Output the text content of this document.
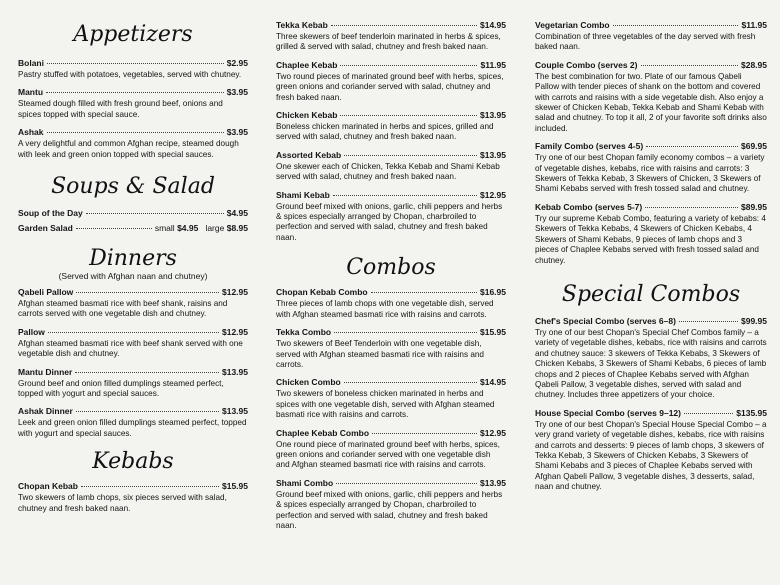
Appetizers
Bolani	$2.95
Pastry stuffed with potatoes, vegetables, served with chutney.
Mantu	$3.95
Steamed dough filled with fresh ground beef, onions and spices topped with special sauce.
Ashak	$3.95
A very delightful and common Afghan recipe, steamed dough with leek and green onion topped with special sauces.
Soups & Salad
Soup of the Day	$4.95
Garden Salad	small $4.95 large $8.95
Dinners
(Served with Afghan naan and chutney)
Qabeli Pallow	$12.95
Afghan steamed basmati rice with beef shank, raisins and carrots served with one vegetable dish and chutney.
Pallow	$12.95
Afghan steamed basmati rice with beef shank served with one vegetable dish and chutney.
Mantu Dinner	$13.95
Ground beef and onion filled dumplings steamed perfect, topped with yogurt and special sauces.
Ashak Dinner	$13.95
Leek and green onion filled dumplings steamed perfect, topped with yogurt and special sauces.
Kebabs
Chopan Kebab	$15.95
Two skewers of lamb chops, six pieces served with salad, chutney and fresh baked naan.
Tekka Kebab	$14.95
Three skewers of beef tenderloin marinated in herbs & spices, grilled & served with salad, chutney and fresh baked naan.
Chaplee Kebab	$11.95
Two round pieces of marinated ground beef with herbs, spices, green onions and coriander served with salad, chutney and fresh baked naan.
Chicken Kebab	$13.95
Boneless chicken marinated in herbs and spices, grilled and served with salad, chutney and fresh baked naan.
Assorted Kebab	$13.95
One skewer each of Chicken, Tekka Kebab and Shami Kebab served with salad, chutney and fresh baked naan.
Shami Kebab	$12.95
Ground beef mixed with onions, garlic, chili peppers and herbs & spices especially arranged by Chopan, charbroiled to perfection and served with salad, chutney and fresh baked naan.
Combos
Chopan Kebab Combo	$16.95
Three pieces of lamb chops with one vegetable dish, served with Afghan steamed basmati rice with raisins and carrots.
Tekka Combo	$15.95
Two skewers of Beef Tenderloin with one vegetable dish, served with Afghan steamed basmati rice with raisins and carrots.
Chicken Combo	$14.95
Two skewers of boneless chicken marinated in herbs and spices with one vegetable dish, served with Afghan steamed basmati rice with raisins and carrots.
Chaplee Kebab Combo	$12.95
One round piece of marinated ground beef with herbs, spices, green onions and coriander served with one vegetable dish and Afghan steamed basmati rice with raisins and carrots.
Shami Combo	$13.95
Ground beef mixed with onions, garlic, chili peppers and herbs & spices especially arranged by Chopan, charbroiled to perfection and served with salad, chutney and fresh baked naan.
Vegetarian Combo	$11.95
Combination of three vegetables of the day served with fresh baked naan.
Couple Combo (serves 2)	$28.95
The best combination for two. Plate of our famous Qabeli Pallow with tender pieces of shank on the bottom and covered with carrots and raisins with a side vegetable dish. Also enjoy a skewer of Chicken Kebab, Tekka Kebab and Shami Kebab with salad and chutney. To top it all, 2 of your favorite soft drinks also included.
Family Combo (serves 4-5)	$69.95
Try one of our best Chopan family economy combos – a variety of vegetable dishes, kebabs, rice with raisins and carrots: 3 Skewers of Tekka Kebab, 3 Skewers of Chicken, 3 Skewers of Shami Kebabs served with fresh tossed salad and chutney.
Kebab Combo (serves 5-7)	$89.95
Try our supreme Kebab Combo, featuring a variety of kebabs: 4 Skewers of Tekka Kebabs, 4 Skewers of Chicken Kebabs, 4 Skewers of Shami Kebabs, 9 pieces of lamb chops and 3 pieces of Chaplee Kebabs served with fresh tossed salad and chutney.
Special Combos
Chef's Special Combo (serves 6–8)	$99.95
Try one of our best Chopan's Special Chef Combos family – a variety of vegetable dishes, kebabs, rice with raisins and carrots and chutney sauce: 3 skewers of Tekka Kebabs, 3 Skewers of Chicken Kebabs, 3 Skewers of Shami Kebabs, 6 pieces of lamb chops and 2 pieces of Chaplee Kebabs served with Afghan Qabeli Pallow, 3 vegetable dishes, served with salad and chutney. Includes three appetizers of your choice.
House Special Combo (serves 9–12)	$135.95
Try one of our best Chopan's Special House Special Combo – a very grand variety of vegetable dishes, kebabs, rice with raisins and carrots and desserts: 9 pieces of lamb chops, 3 skewers of Tekka Kebab, 3 Skewers of Chicken Kebabs, 3 Skewers of Shami Kebabs and 3 pieces of Chaplee Kebabs served with Afghan Qabeli Pallow, 3 vegetable dishes, 3 desserts, salad, naan and chutney.
